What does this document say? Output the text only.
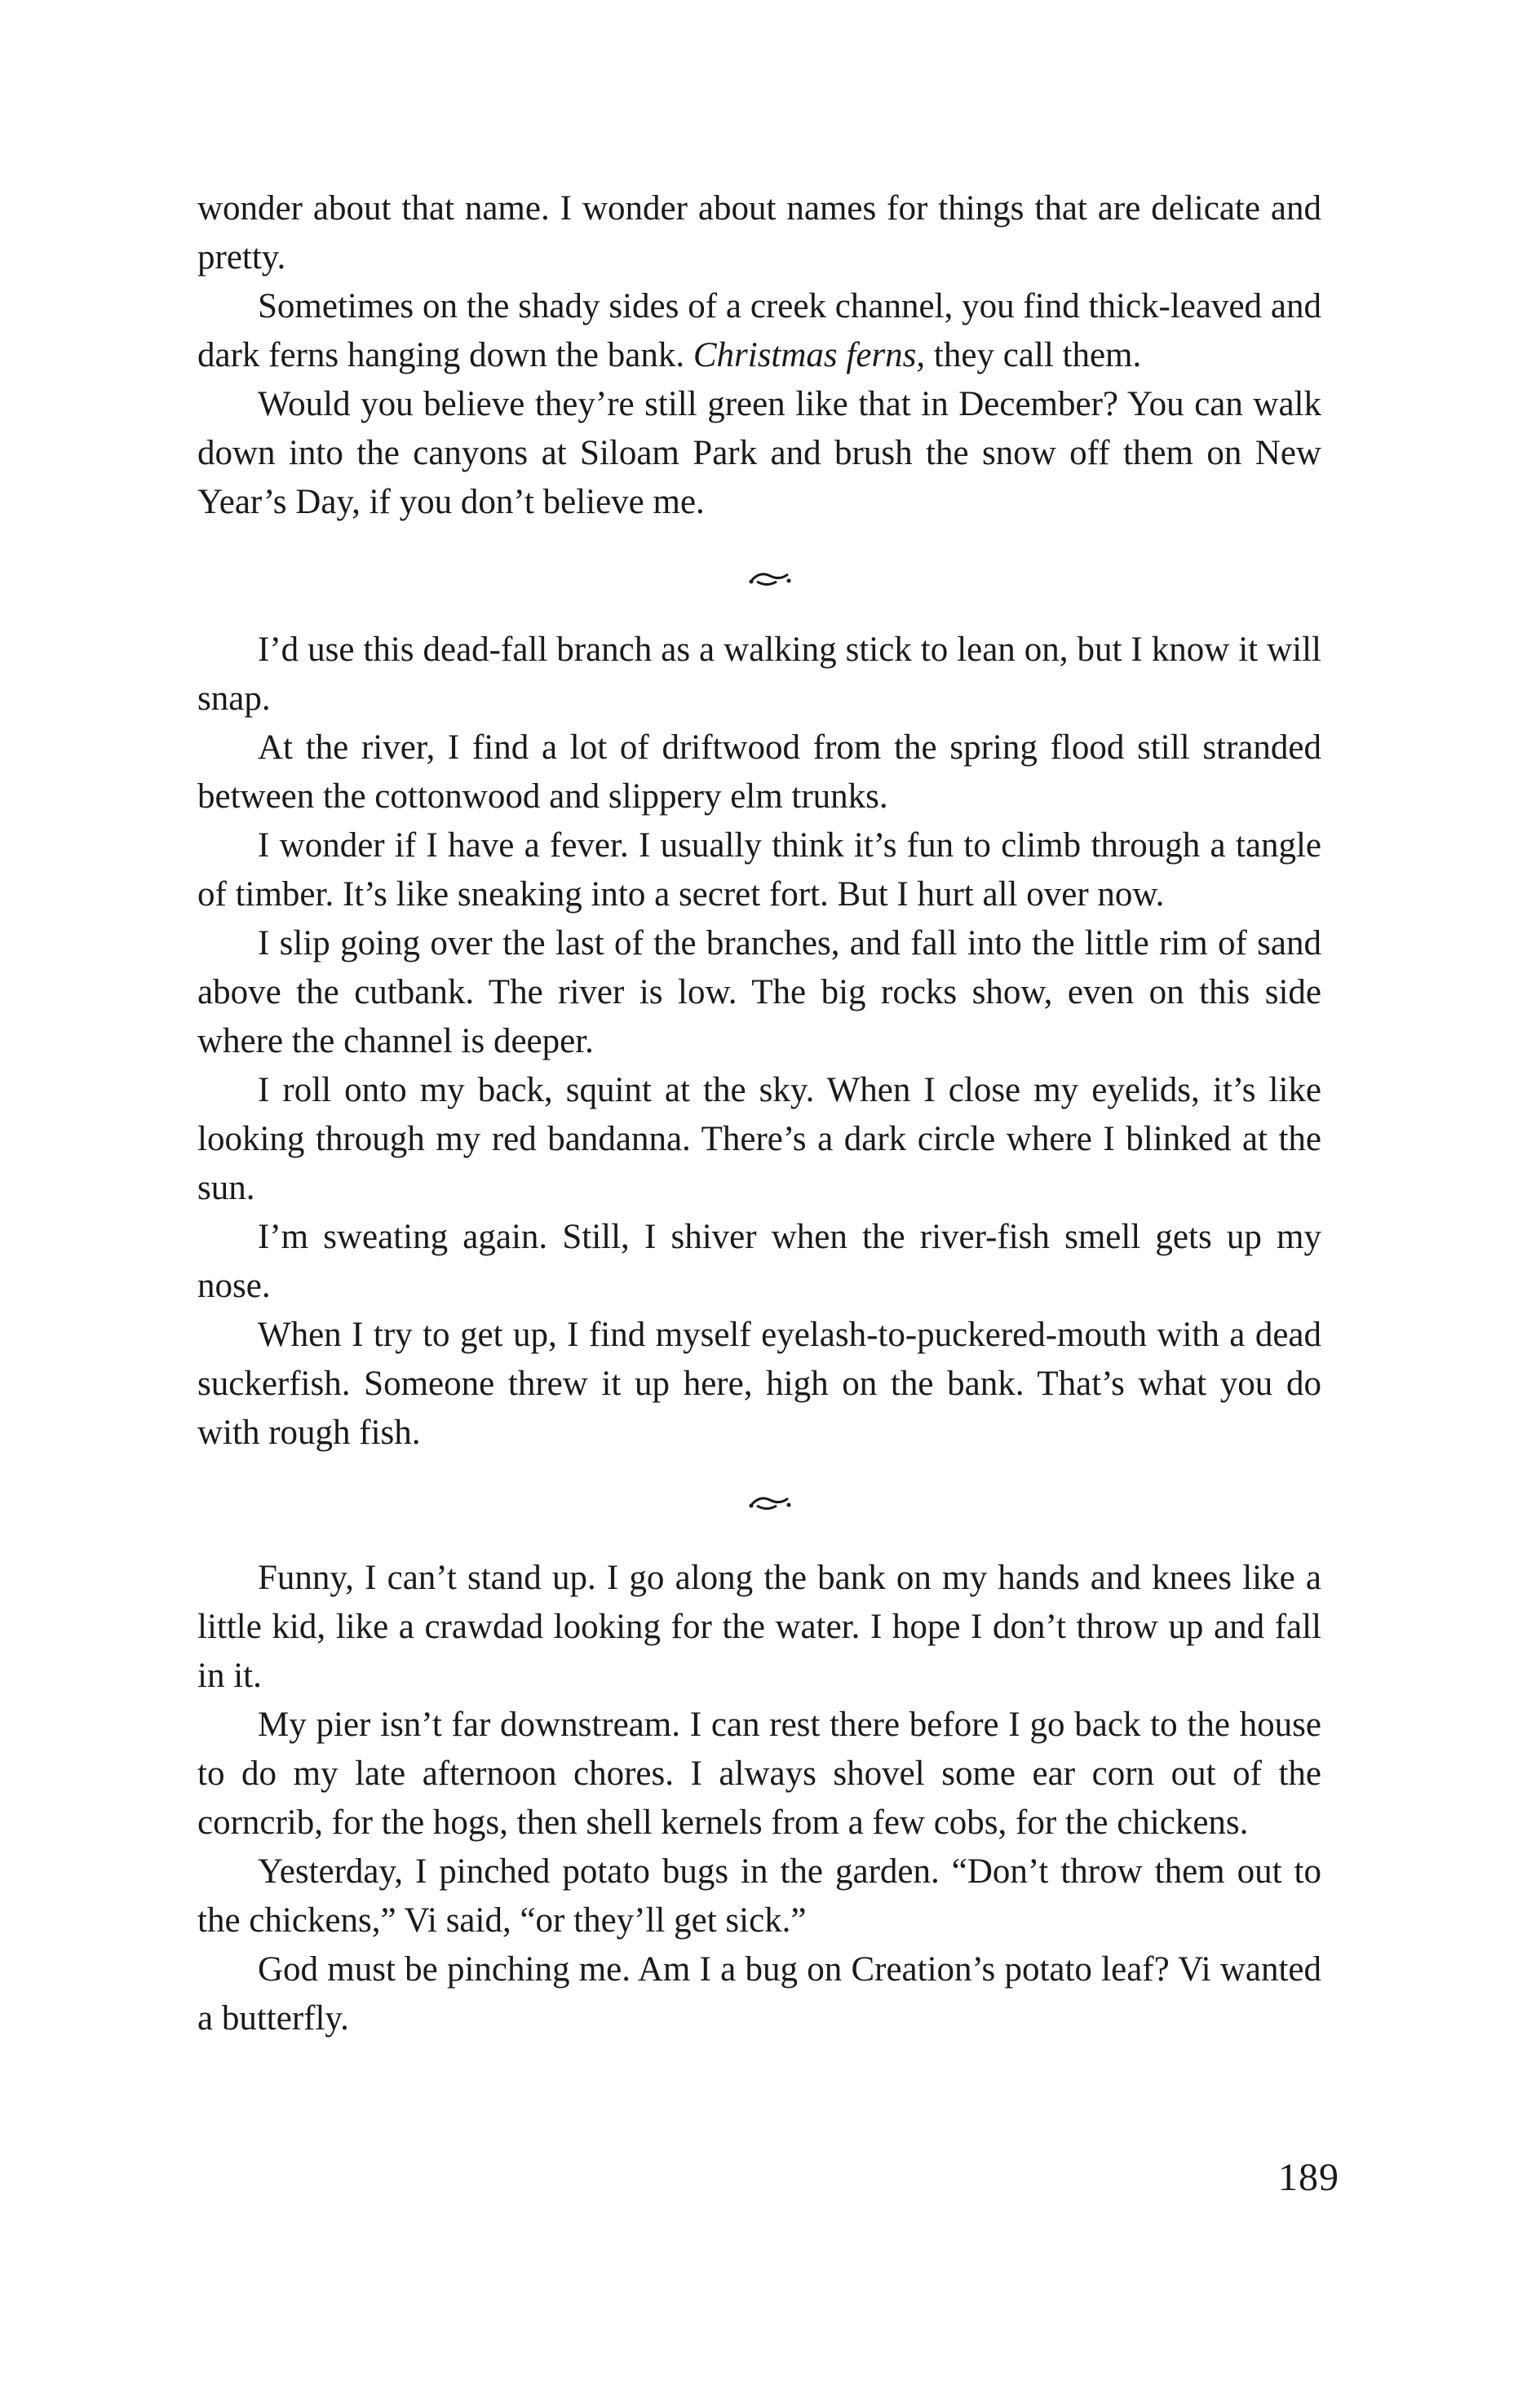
wonder about that name. I wonder about names for things that are delicate and pretty.

Sometimes on the shady sides of a creek channel, you find thick-leaved and dark ferns hanging down the bank. Christmas ferns, they call them.

Would you believe they’re still green like that in December? You can walk down into the canyons at Siloam Park and brush the snow off them on New Year’s Day, if you don’t believe me.

I’d use this dead-fall branch as a walking stick to lean on, but I know it will snap.

At the river, I find a lot of driftwood from the spring flood still stranded between the cottonwood and slippery elm trunks.

I wonder if I have a fever. I usually think it’s fun to climb through a tangle of timber. It’s like sneaking into a secret fort. But I hurt all over now.

I slip going over the last of the branches, and fall into the little rim of sand above the cutbank. The river is low. The big rocks show, even on this side where the channel is deeper.

I roll onto my back, squint at the sky. When I close my eyelids, it’s like looking through my red bandanna. There’s a dark circle where I blinked at the sun.

I’m sweating again. Still, I shiver when the river-fish smell gets up my nose.

When I try to get up, I find myself eyelash-to-puckered-mouth with a dead suckerfish. Someone threw it up here, high on the bank. That’s what you do with rough fish.

Funny, I can’t stand up. I go along the bank on my hands and knees like a little kid, like a crawdad looking for the water. I hope I don’t throw up and fall in it.

My pier isn’t far downstream. I can rest there before I go back to the house to do my late afternoon chores. I always shovel some ear corn out of the corncrib, for the hogs, then shell kernels from a few cobs, for the chickens.

Yesterday, I pinched potato bugs in the garden. “Don’t throw them out to the chickens,” Vi said, “or they’ll get sick.”

God must be pinching me. Am I a bug on Creation’s potato leaf? Vi wanted a butterfly.

189
